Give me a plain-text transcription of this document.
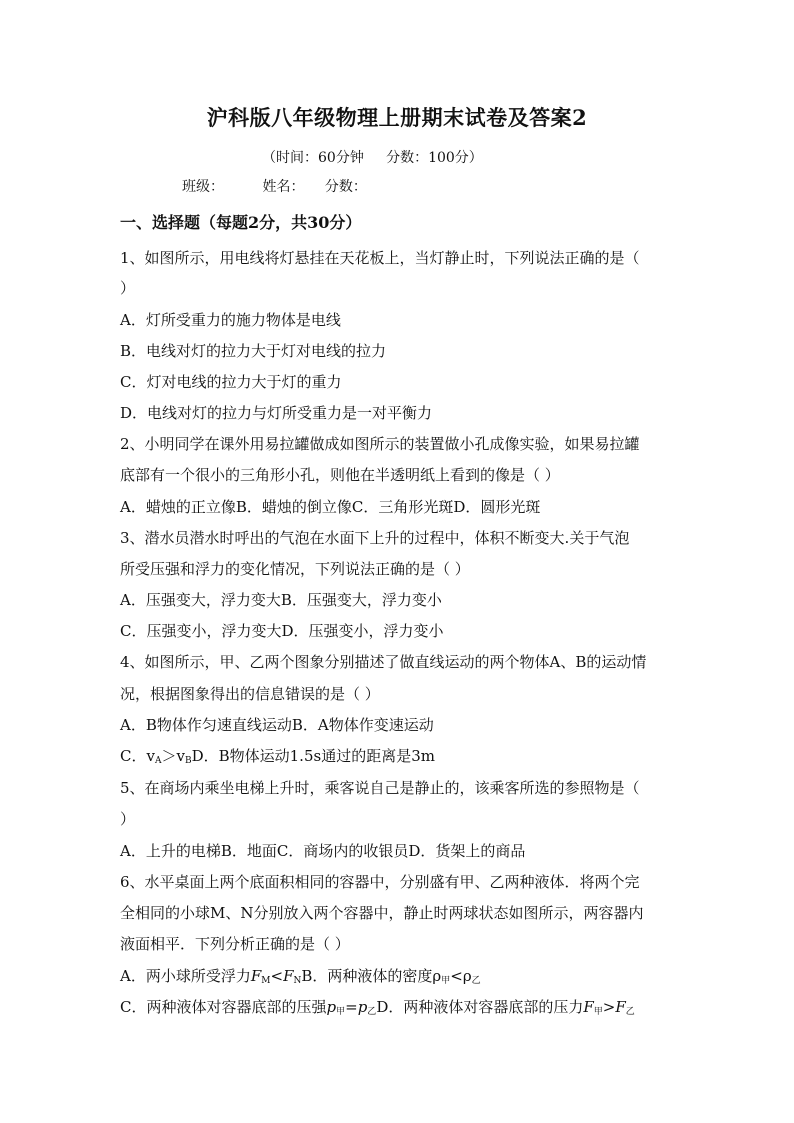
沪科版八年级物理上册期末试卷及答案2
（时间：60分钟     分数：100分）
班级：	姓名： 分数：
一、选择题（每题2分，共30分）
1、如图所示，用电线将灯悬挂在天花板上，当灯静止时，下列说法正确的是（
）
A．灯所受重力的施力物体是电线
B．电线对灯的拉力大于灯对电线的拉力
C．灯对电线的拉力大于灯的重力
D．电线对灯的拉力与灯所受重力是一对平衡力
2、小明同学在课外用易拉罐做成如图所示的装置做小孔成像实验，如果易拉罐
底部有一个很小的三角形小孔，则他在半透明纸上看到的像是（ ）
A．蜡烛的正立像B．蜡烛的倒立像C．三角形光斑D．圆形光斑
3、潜水员潜水时呼出的气泡在水面下上升的过程中，体积不断变大.关于气泡
所受压强和浮力的变化情况，下列说法正确的是（ ）
A．压强变大，浮力变大B．压强变大，浮力变小
C．压强变小，浮力变大D．压强变小，浮力变小
4、如图所示，甲、乙两个图象分别描述了做直线运动的两个物体A、B的运动情
况，根据图象得出的信息错误的是（ ）
A．B物体作匀速直线运动B．A物体作变速运动
C．$v_A>v_BD$．B物体运动1.5s通过的距离是3m
5、在商场内乘坐电梯上升时，乘客说自己是静止的，该乘客所选的参照物是（
）
A．上升的电梯B．地面C．商场内的收银员D．货架上的商品
6、水平桌面上两个底面积相同的容器中，分别盛有甲、乙两种液体．将两个完
全相同的小球M、N分别放入两个容器中，静止时两球状态如图所示，两容器内
液面相平．下列分析正确的是（ ）
A．两小球所受浮力$F_M<F_NB$．两种液体的密度$\rho_甲<\rho_乙$
C．两种液体对容器底部的压强$p_甲=p_乙D$．两种液体对容器底部的压力$F_甲>F_乙$
